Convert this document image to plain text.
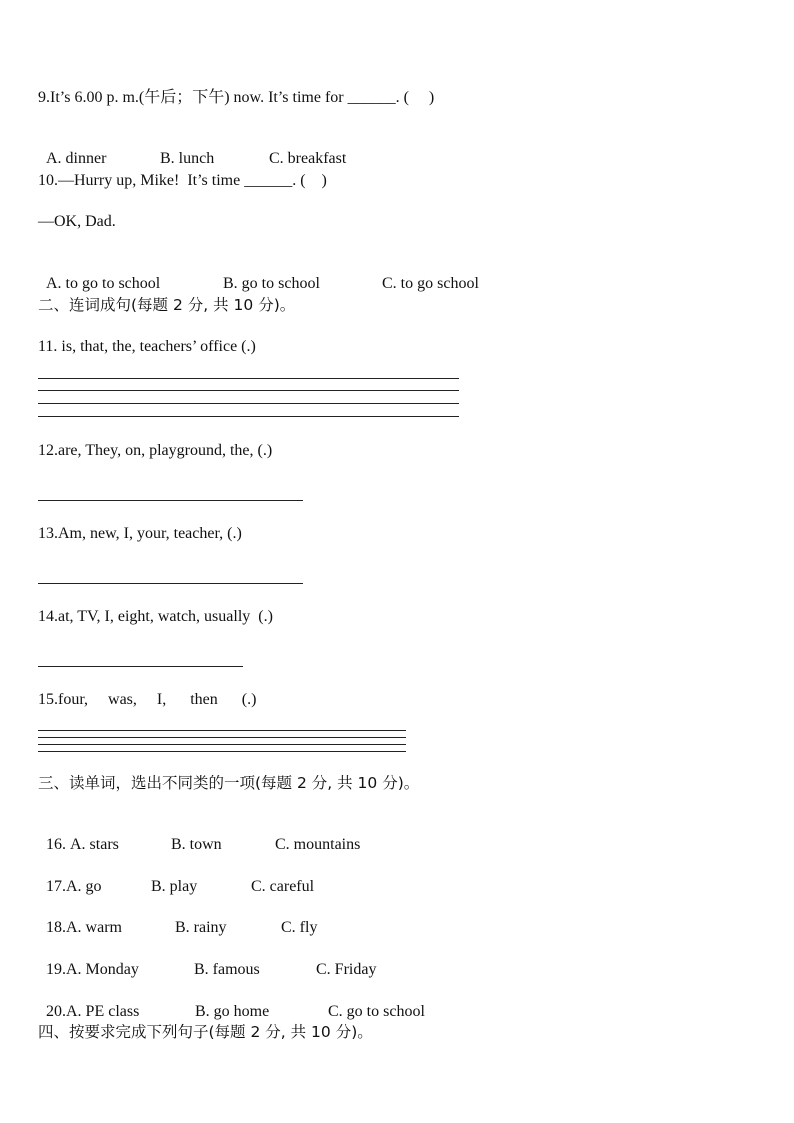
9.It’s 6.00 p. m.(午后；下午) now. It’s time for ______. (　 )

A. dinner	B. lunch	C. breakfast

10.—Hurry up, Mike!  It’s time ______. (　)
—OK, Dad.

A. to go to school	B. go to school	C. to go school

二、连词成句(每题 2 分, 共 10 分)。
11. is, that, the, teachers’ office (.)
12.are, They, on, playground, the, (.)
13.Am, new, I, your, teacher, (.)
14.at, TV, I, eight, watch, usually  (.)
15.four,     was,     I,      then      (.)
三、读单词，选出不同类的一项(每题 2 分, 共 10 分)。

16. A. stars	B. town	C. mountains

17.A. go	B. play	C. careful

18.A. warm	B. rainy	C. fly

19.A. Monday	B. famous	C. Friday

20.A. PE class	B. go home	C. go to school

四、按要求完成下列句子(每题 2 分, 共 10 分)。
